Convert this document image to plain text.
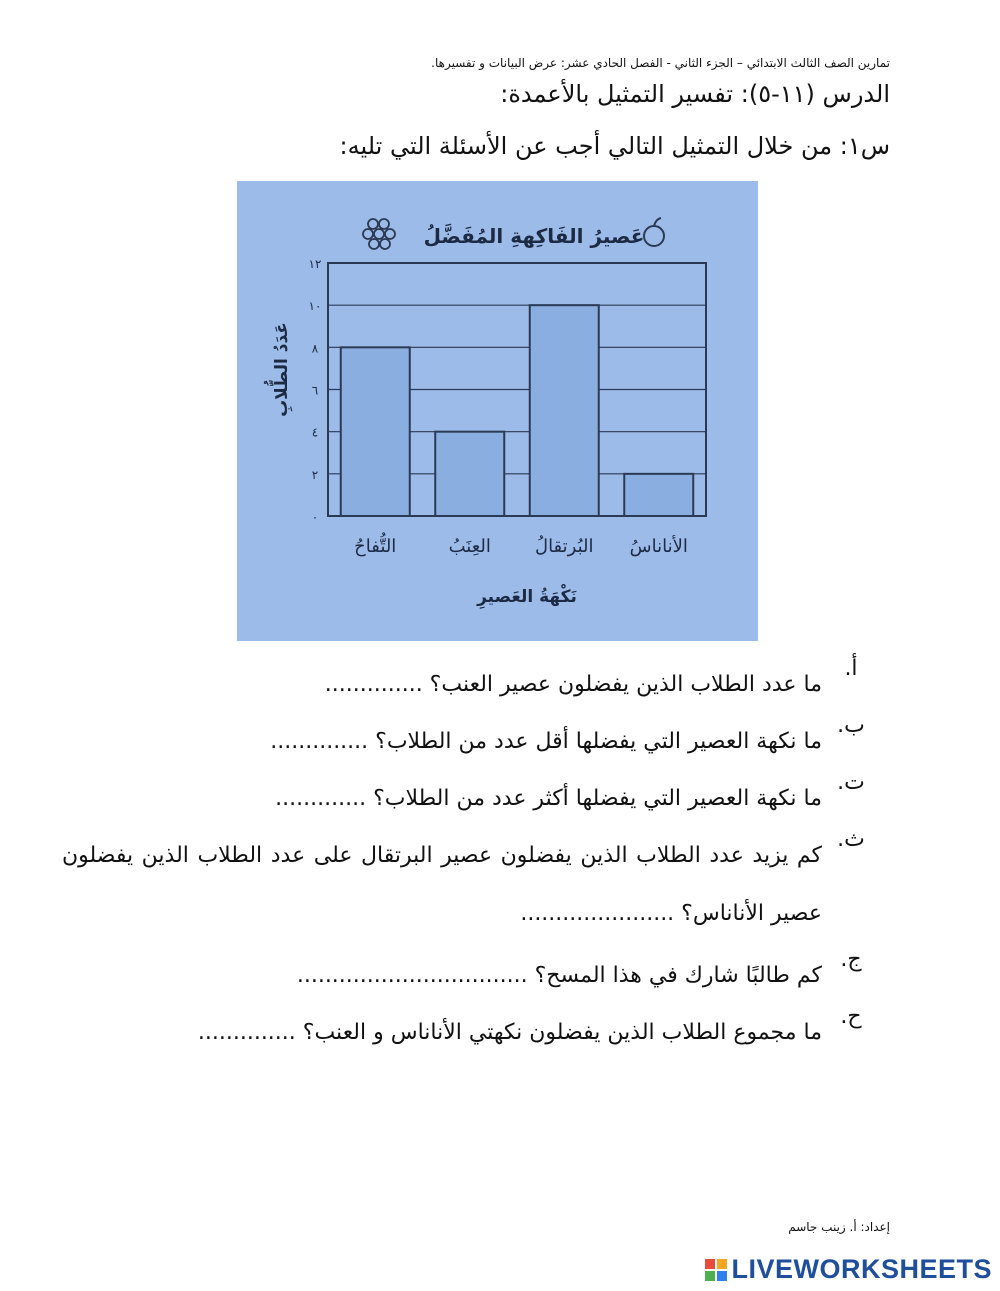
تمارين الصف الثالث الابتدائي – الجزء الثاني - الفصل الحادي عشر: عرض البيانات و تفسيرها.
الدرس (١١-٥): تفسير التمثيل بالأعمدة:
س١: من خلال التمثيل التالي أجب عن الأسئلة التي تليه:
عَصيرُ الفَاكِهةِ المُفَضَّلُ
٠
٢
٤
٦
٨
١٠
١٢
التُّفاحُ	العِنَبُ البُرتقالُ الأناناسُ
عَدَدُ الطُّلابِ
نَكْهَةُ العَصيرِ
أ.
ما عدد الطلاب الذين يفضلون عصير العنب؟ ..............
ب.
ما نكهة العصير التي يفضلها أقل عدد من الطلاب؟ ..............
ت.
ما نكهة العصير التي يفضلها أكثر عدد من الطلاب؟ .............
ث.
كم يزيد عدد الطلاب الذين يفضلون عصير البرتقال على عدد الطلاب الذين يفضلون عصير الأناناس؟ ......................
ج.
كم طالبًا شارك في هذا المسح؟ .................................
ح.
ما مجموع الطلاب الذين يفضلون نكهتي الأناناس و العنب؟ ..............
إعداد: أ. زينب جاسم
LIVEWORKSHEETS
